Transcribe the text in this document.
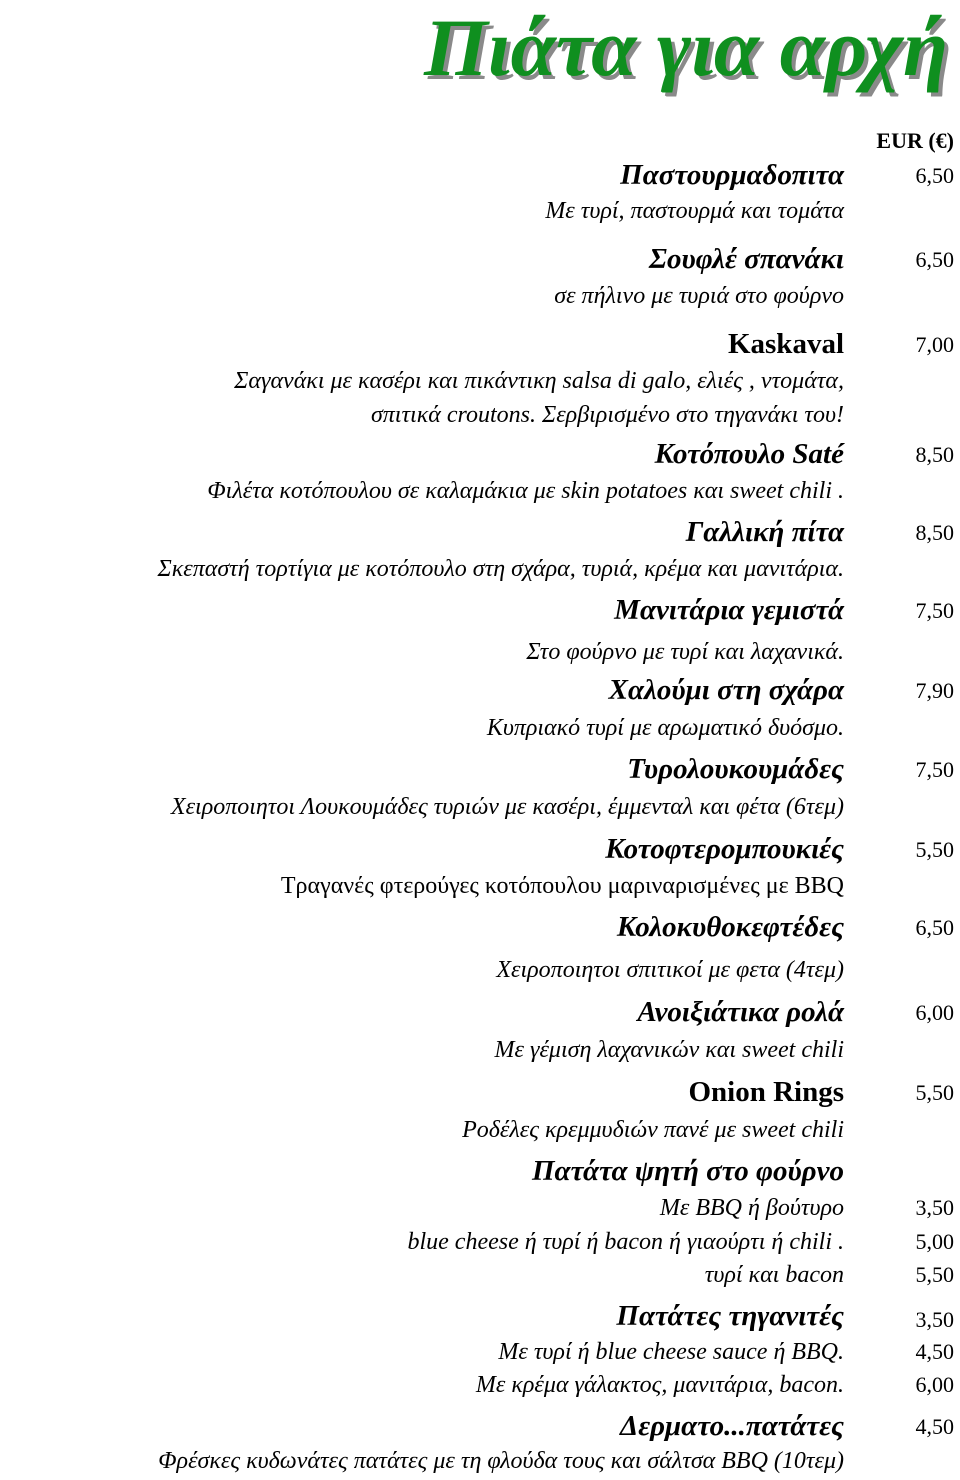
Πιάτα για αρχή
EUR (€)
Παστουρμαδοπιτα	6,50
Με τυρί, παστουρμά και τομάτα
Σουφλέ σπανάκι	6,50
σε πήλινο με τυριά στο φούρνο
Kaskaval	7,00
Σαγανάκι με κασέρι και πικάντικη salsa di galo, ελιές , ντομάτα,
σπιτικά croutons. Σερβιρισμένο στο τηγανάκι του!
Κοτόπουλο Saté	8,50
Φιλέτα κοτόπουλου σε καλαμάκια με skin potatoes και sweet chili .
Γαλλική πίτα	8,50
Σκεπαστή τορτίγια με κοτόπουλο στη σχάρα, τυριά, κρέμα και μανιτάρια.
Μανιτάρια γεμιστά	7,50
Στο φούρνο με τυρί και λαχανικά.
Χαλούμι στη σχάρα	7,90
Κυπριακό τυρί με αρωματικό δυόσμο.
Τυρολουκουμάδες	7,50
Χειροποιητοι Λουκουμάδες τυριών με κασέρι, έμμενταλ και φέτα (6τεμ)
Κοτοφτερομπουκιές	5,50
Τραγανές φτερούγες κοτόπουλου μαριναρισμένες με BBQ
Κολοκυθοκεφτέδες	6,50
Χειροποιητοι σπιτικοί με φετα (4τεμ)
Ανοιξιάτικα ρολά	6,00
Με γέμιση λαχανικών και sweet chili
Onion Rings	5,50
Ροδέλες κρεμμυδιών πανέ με sweet chili
Πατάτα ψητή στο φούρνο
Με BBQ ή βούτυρο	3,50
blue cheese ή τυρί ή bacon ή γιαούρτι ή chili .	5,00
τυρί και bacon	5,50
Πατάτες τηγανιτές	3,50
Με τυρί ή blue cheese sauce ή BBQ.	4,50
Με κρέμα γάλακτος, μανιτάρια, bacon.	6,00
Δερματο...πατάτες	4,50
Φρέσκες κυδωνάτες πατάτες με τη φλούδα τους και σάλτσα BBQ (10τεμ)
